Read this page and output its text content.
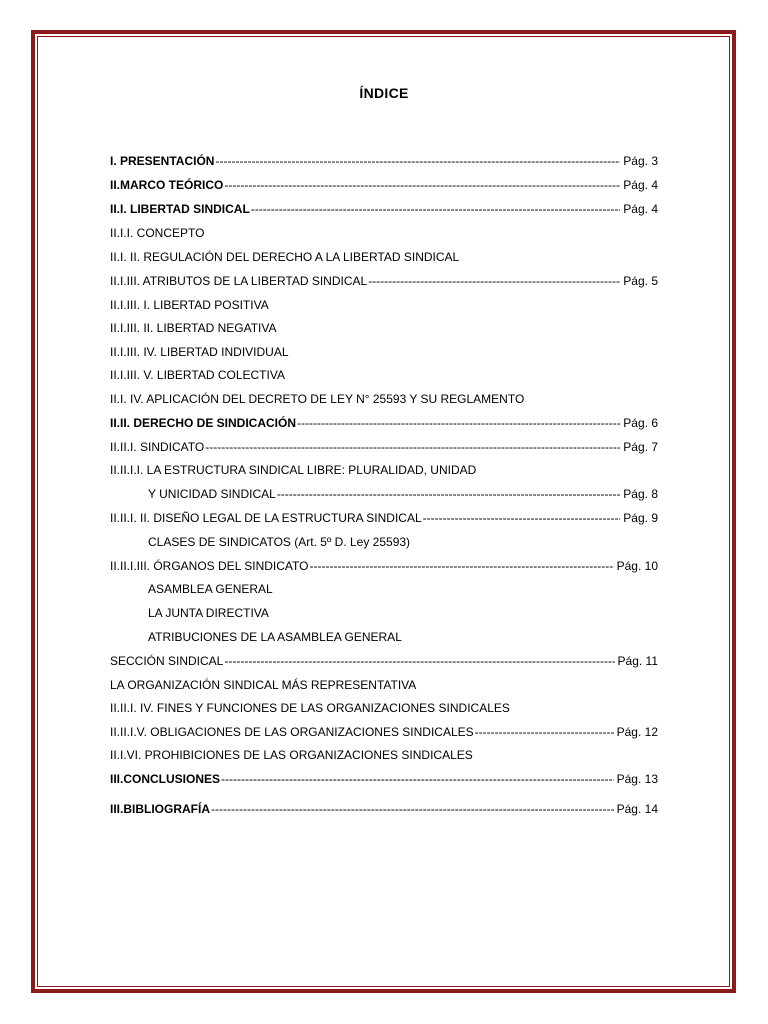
ÍNDICE
I. PRESENTACIÓN -----	Pág. 3
II.MARCO TEÓRICO -----	Pág. 4
II.I. LIBERTAD SINDICAL -----	Pág. 4
II.I.I. CONCEPTO
II.I. II. REGULACIÓN DEL DERECHO A LA LIBERTAD SINDICAL
II.I.III. ATRIBUTOS DE LA LIBERTAD SINDICAL -----	Pág. 5
II.I.III. I. LIBERTAD POSITIVA
II.I.III. II. LIBERTAD NEGATIVA
II.I.III. IV. LIBERTAD INDIVIDUAL
II.I.III. V. LIBERTAD COLECTIVA
II.I. IV. APLICACIÓN DEL DECRETO DE LEY N° 25593 Y SU REGLAMENTO
II.II. DERECHO DE SINDICACIÓN -----	Pág. 6
II.II.I. SINDICATO -----	Pág. 7
II.II.I.I. LA ESTRUCTURA SINDICAL LIBRE: PLURALIDAD, UNIDAD
Y UNICIDAD SINDICAL -----	Pág. 8
II.II.I. II. DISEÑO LEGAL DE LA ESTRUCTURA SINDICAL -----	Pág. 9
CLASES DE SINDICATOS (Art. 5º D. Ley 25593)
II.II.I.III. ÓRGANOS DEL SINDICATO -----	Pág. 10
ASAMBLEA GENERAL
LA JUNTA DIRECTIVA
ATRIBUCIONES DE LA ASAMBLEA GENERAL
SECCIÓN SINDICAL -----	Pág. 11
LA ORGANIZACIÓN SINDICAL MÁS REPRESENTATIVA
II.II.I. IV. FINES Y FUNCIONES DE LAS ORGANIZACIONES SINDICALES
II.II.I.V. OBLIGACIONES DE LAS ORGANIZACIONES SINDICALES -----	Pág. 12
II.I.VI. PROHIBICIONES DE LAS ORGANIZACIONES SINDICALES
III.CONCLUSIONES -----	Pág. 13
III.BIBLIOGRAFÍA -----	Pág. 14
